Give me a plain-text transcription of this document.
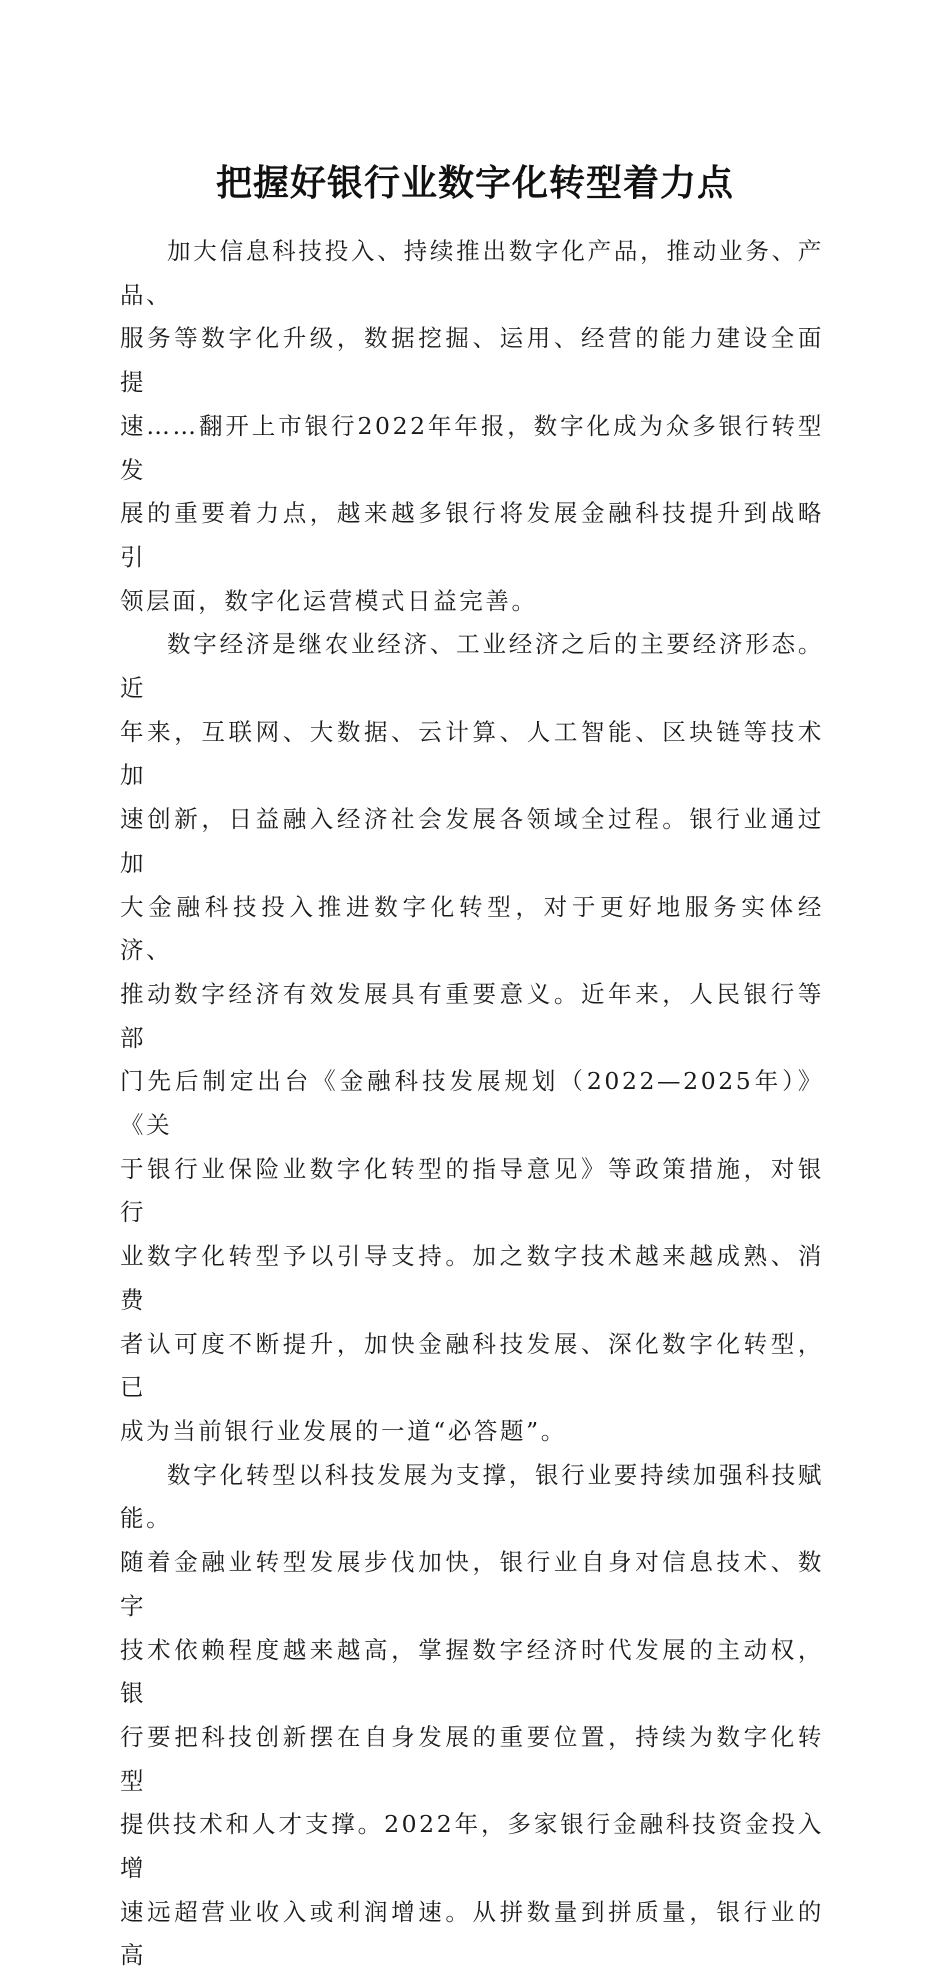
把握好银行业数字化转型着力点

加大信息科技投入、持续推出数字化产品，推动业务、产品、
服务等数字化升级，数据挖掘、运用、经营的能力建设全面提
速……翻开上市银行2022年年报，数字化成为众多银行转型发
展的重要着力点，越来越多银行将发展金融科技提升到战略引
领层面，数字化运营模式日益完善。

数字经济是继农业经济、工业经济之后的主要经济形态。近
年来，互联网、大数据、云计算、人工智能、区块链等技术加
速创新，日益融入经济社会发展各领域全过程。银行业通过加
大金融科技投入推进数字化转型，对于更好地服务实体经济、
推动数字经济有效发展具有重要意义。近年来，人民银行等部
门先后制定出台《金融科技发展规划（2022—2025年）》《关
于银行业保险业数字化转型的指导意见》等政策措施，对银行
业数字化转型予以引导支持。加之数字技术越来越成熟、消费
者认可度不断提升，加快金融科技发展、深化数字化转型，已
成为当前银行业发展的一道“必答题”。

数字化转型以科技发展为支撑，银行业要持续加强科技赋能。
随着金融业转型发展步伐加快，银行业自身对信息技术、数字
技术依赖程度越来越高，掌握数字经济时代发展的主动权，银
行要把科技创新摆在自身发展的重要位置，持续为数字化转型
提供技术和人才支撑。2022年，多家银行金融科技资金投入增
速远超营业收入或利润增速。从拼数量到拼质量，银行业的高
